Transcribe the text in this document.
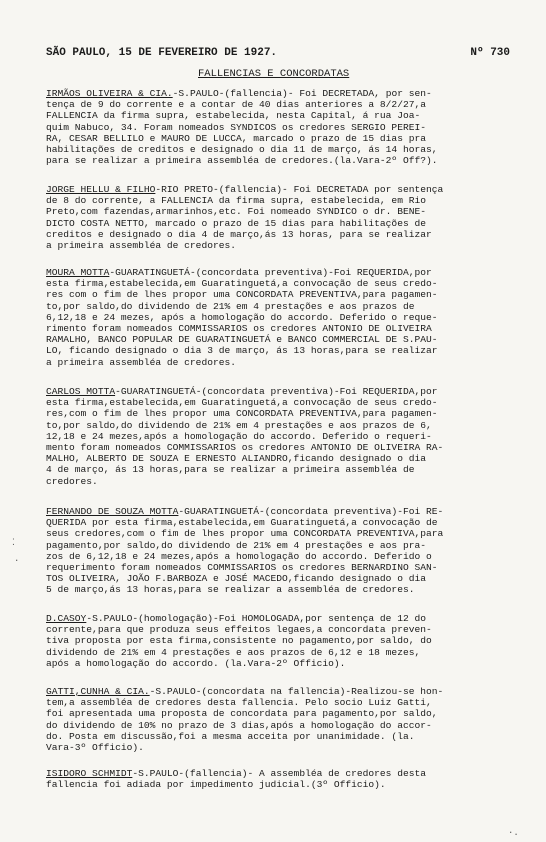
SÃO PAULO, 15 DE FEVEREIRO DE 1927.	Nº 730
FALLENCIAS E CONCORDATAS
IRMÃOS OLIVEIRA & CIA.-S.PAULO-(fallencia)- Foi DECRETADA, por sen-
tença de 9 do corrente e a contar de 40 dias anteriores a 8/2/27,a
FALLENCIA da firma supra, estabelecida, nesta Capital, á rua Joa-
quim Nabuco, 34. Foram nomeados SYNDICOS os credores SERGIO PEREI-
RA, CESAR BELLILO e MAURO DE LUCCA, marcado o prazo de 15 dias pra
habilitações de creditos e designado o dia 11 de março, ás 14 horas,
para se realizar a primeira assembléa de credores.(la.Vara-2º Off?).
JORGE HELLU & FILHO-RIO PRETO-(fallencia)- Foi DECRETADA por sentença
de 8 do corrente, a FALLENCIA da firma supra, estabelecida, em Rio
Preto,com fazendas,armarinhos,etc. Foi nomeado SYNDICO o dr. BENE-
DICTO COSTA NETTO, marcado o prazo de 15 dias para habilitações de
creditos e designado o dia 4 de março,ás 13 horas, para se realizar
a primeira assembléa de credores.
MOURA MOTTA-GUARATINGUETÁ-(concordata preventiva)-Foi REQUERIDA,por
esta firma,estabelecida,em Guaratinguetá,a convocação de seus credo-
res com o fim de lhes propor uma CONCORDATA PREVENTIVA,para pagamen-
to,por saldo,do dividendo de 21% em 4 prestações e aos prazos de
6,12,18 e 24 mezes, após a homologação do accordo. Deferido o reque-
rimento foram nomeados COMMISSARIOS os credores ANTONIO DE OLIVEIRA
RAMALHO, BANCO POPULAR DE GUARATINGUETÁ e BANCO COMMERCIAL DE S.PAU-
LO, ficando designado o dia 3 de março, ás 13 horas,para se realizar
a primeira assembléa de credores.
CARLOS MOTTA-GUARATINGUETÁ-(concordata preventiva)-Foi REQUERIDA,por
esta firma,estabelecida,em Guaratinguetá,a convocação de seus credo-
res,com o fim de lhes propor uma CONCORDATA PREVENTIVA,para pagamen-
to,por saldo,do dividendo de 21% em 4 prestações e aos prazos de 6,
12,18 e 24 mezes,após a homologação do accordo. Deferido o requeri-
mento foram nomeados COMMISSARIOS os credores ANTONIO DE OLIVEIRA RA-
MALHO, ALBERTO DE SOUZA E ERNESTO ALIANDRO,ficando designado o dia
4 de março, ás 13 horas,para se realizar a primeira assembléa de
credores.
FERNANDO DE SOUZA MOTTA-GUARATINGUETÁ-(concordata preventiva)-Foi RE-
QUERIDA por esta firma,estabelecida,em Guaratinguetá,a convocação de
seus credores,com o fim de lhes propor uma CONCORDATA PREVENTIVA,para
pagamento,por saldo,do dividendo de 21% em 4 prestações e aos pra-
zos de 6,12,18 e 24 mezes,após a homologação do accordo. Deferido o
requerimento foram nomeados COMMISSARIOS os credores BERNARDINO SAN-
TOS OLIVEIRA, JOÃO F.BARBOZA e JOSÉ MACEDO,ficando designado o dia
5 de março,ás 13 horas,para se realizar a assembléa de credores.
D.CASOY-S.PAULO-(homologação)-Foi HOMOLOGADA,por sentença de 12 do
corrente,para que produza seus effeitos legaes,a concordata preven-
tiva proposta por esta firma,consistente no pagamento,por saldo, do
dividendo de 21% em 4 prestações e aos prazos de 6,12 e 18 mezes,
após a homologação do accordo. (la.Vara-2º Officio).
GATTI,CUNHA & CIA.-S.PAULO-(concordata na fallencia)-Realizou-se hon-
tem,a assembléa de credores desta fallencia. Pelo socio Luiz Gatti,
foi apresentada uma proposta de concordata para pagamento,por saldo,
do dividendo de 10% no prazo de 3 dias,após a homologação do accor-
do. Posta em discussão,foi a mesma acceita por unanimidade. (la.
Vara-3º Officio).
ISIDORO SCHMIDT-S.PAULO-(fallencia)- A assembléa de credores desta
fallencia foi adiada por impedimento judicial.(3º Officio).
⁚
·
·.
